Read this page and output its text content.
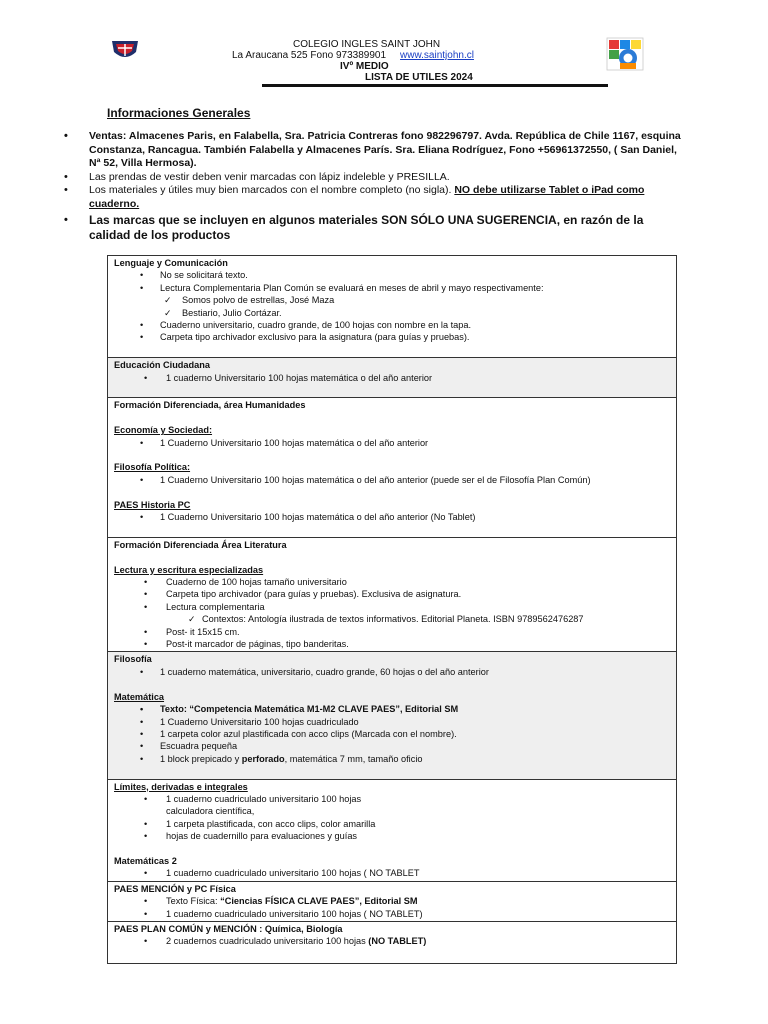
COLEGIO INGLES SAINT JOHN
La Araucana 525 Fono 973389901 www.saintjohn.cl
IVº MEDIO
LISTA DE UTILES 2024
Informaciones Generales
• Ventas: Almacenes Paris, en Falabella, Sra. Patricia Contreras fono 982296797. Avda. República de Chile 1167, esquina Constanza, Rancagua. También Falabella y Almacenes París. Sra. Eliana Rodríguez, Fono +56961372550, ( San Daniel, Nª 52, Villa Hermosa).
• Las prendas de vestir deben venir marcadas con lápiz indeleble y PRESILLA.
• Los materiales y útiles muy bien marcados con el nombre completo (no sigla). NO debe utilizarse Tablet o iPad como cuaderno.
• Las marcas que se incluyen en algunos materiales SON SÓLO UNA SUGERENCIA, en razón de la calidad de los productos
Lenguaje y Comunicación
• No se solicitará texto.
• Lectura Complementaria Plan Común se evaluará en meses de abril y mayo respectivamente:
✓ Somos polvo de estrellas, José Maza
✓ Bestiario, Julio Cortázar.
• Cuaderno universitario, cuadro grande, de 100 hojas con nombre en la tapa.
• Carpeta tipo archivador exclusivo para la asignatura (para guías y pruebas).
Educación Ciudadana
• 1 cuaderno Universitario 100 hojas matemática o del año anterior
Formación Diferenciada, área Humanidades
Economía y Sociedad:
• 1 Cuaderno Universitario 100 hojas matemática o del año anterior
Filosofía Política:
• 1 Cuaderno Universitario 100 hojas matemática o del año anterior (puede ser el de Filosofía Plan Común)
PAES Historia PC
• 1 Cuaderno Universitario 100 hojas matemática o del año anterior (No Tablet)
Formación Diferenciada Área Literatura
Lectura y escritura especializadas
• Cuaderno de 100 hojas tamaño universitario
• Carpeta tipo archivador (para guías y pruebas). Exclusiva de asignatura.
• Lectura complementaria
✓ Contextos: Antología ilustrada de textos informativos. Editorial Planeta. ISBN 9789562476287
• Post- it 15x15 cm.
• Post-it marcador de páginas, tipo banderitas.
Filosofía
• 1 cuaderno matemática, universitario, cuadro grande, 60 hojas o del año anterior
Matemática
• Texto: “Competencia Matemática M1-M2 CLAVE PAES”, Editorial SM
• 1 Cuaderno Universitario 100 hojas cuadriculado
• 1 carpeta color azul plastificada con acco clips (Marcada con el nombre).
• Escuadra pequeña
• 1 block prepicado y perforado, matemática 7 mm, tamaño oficio
Límites, derivadas e integrales
• 1 cuaderno cuadriculado universitario 100 hojas
calculadora científica,
• 1 carpeta plastificada, con acco clips, color amarilla
• hojas de cuadernillo para evaluaciones y guías
Matemáticas 2
• 1 cuaderno cuadriculado universitario 100 hojas ( NO TABLET
PAES MENCIÓN y PC Física
• Texto Física: “Ciencias FÍSICA CLAVE PAES”, Editorial SM
• 1 cuaderno cuadriculado universitario 100 hojas ( NO TABLET)
PAES PLAN COMÚN y MENCIÓN : Química, Biología
• 2 cuadernos cuadriculado universitario 100 hojas (NO TABLET)
